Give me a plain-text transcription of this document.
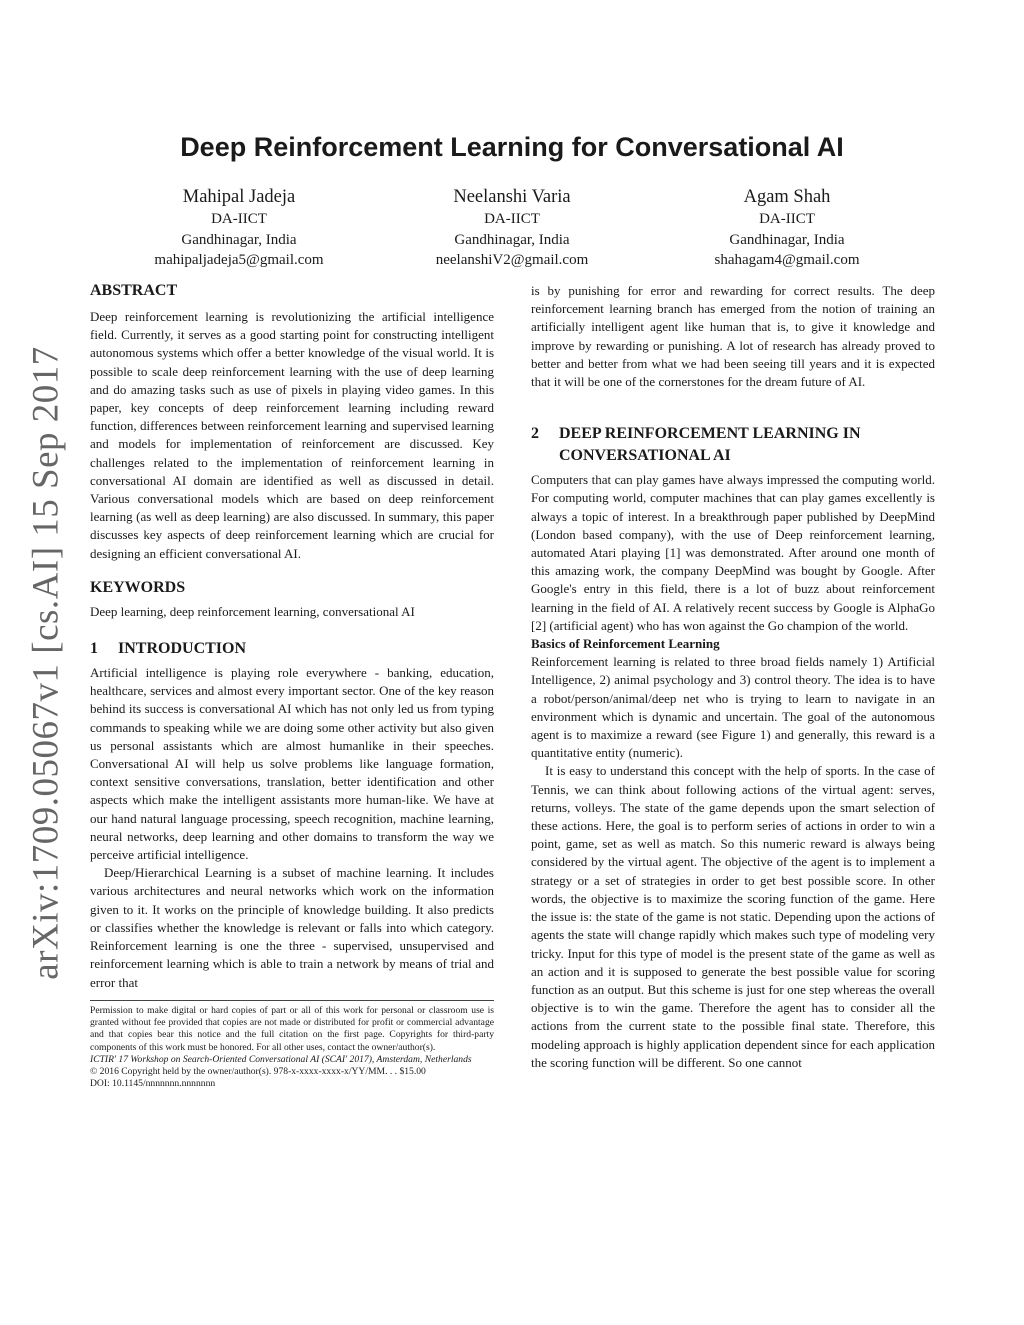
arXiv:1709.05067v1 [cs.AI] 15 Sep 2017
Deep Reinforcement Learning for Conversational AI
Mahipal Jadeja
DA-IICT
Gandhinagar, India
mahipaljadeja5@gmail.com
Neelanshi Varia
DA-IICT
Gandhinagar, India
neelanshiV2@gmail.com
Agam Shah
DA-IICT
Gandhinagar, India
shahagam4@gmail.com
ABSTRACT

Deep reinforcement learning is revolutionizing the artificial intelligence field. Currently, it serves as a good starting point for constructing intelligent autonomous systems which offer a better knowledge of the visual world. It is possible to scale deep reinforcement learning with the use of deep learning and do amazing tasks such as use of pixels in playing video games. In this paper, key concepts of deep reinforcement learning including reward function, differences between reinforcement learning and supervised learning and models for implementation of reinforcement are discussed. Key challenges related to the implementation of reinforcement learning in conversational AI domain are identified as well as discussed in detail. Various conversational models which are based on deep reinforcement learning (as well as deep learning) are also discussed. In summary, this paper discusses key aspects of deep reinforcement learning which are crucial for designing an efficient conversational AI.

KEYWORDS

Deep learning, deep reinforcement learning, conversational AI

1 INTRODUCTION

Artificial intelligence is playing role everywhere - banking, education, healthcare, services and almost every important sector. One of the key reason behind its success is conversational AI which has not only led us from typing commands to speaking while we are doing some other activity but also given us personal assistants which are almost humanlike in their speeches. Conversational AI will help us solve problems like language formation, context sensitive conversations, translation, better identification and other aspects which make the intelligent assistants more human-like. We have at our hand natural language processing, speech recognition, machine learning, neural networks, deep learning and other domains to transform the way we perceive artificial intelligence.

Deep/Hierarchical Learning is a subset of machine learning. It includes various architectures and neural networks which work on the information given to it. It works on the principle of knowledge building. It also predicts or classifies whether the knowledge is relevant or falls into which category. Reinforcement learning is one the three - supervised, unsupervised and reinforcement learning which is able to train a network by means of trial and error that

Permission to make digital or hard copies of part or all of this work for personal or classroom use is granted without fee provided that copies are not made or distributed for profit or commercial advantage and that copies bear this notice and the full citation on the first page. Copyrights for third-party components of this work must be honored. For all other uses, contact the owner/author(s).

ICTIR' 17 Workshop on Search-Oriented Conversational AI (SCAI' 2017), Amsterdam, Netherlands

© 2016 Copyright held by the owner/author(s). 978-x-xxxx-xxxx-x/YY/MM. . . $15.00

DOI: 10.1145/nnnnnnn.nnnnnnn

is by punishing for error and rewarding for correct results. The deep reinforcement learning branch has emerged from the notion of training an artificially intelligent agent like human that is, to give it knowledge and improve by rewarding or punishing. A lot of research has already proved to better and better from what we had been seeing till years and it is expected that it will be one of the cornerstones for the dream future of AI.

2	DEEP REINFORCEMENT LEARNING IN
CONVERSATIONAL AI

Computers that can play games have always impressed the computing world. For computing world, computer machines that can play games excellently is always a topic of interest. In a breakthrough paper published by DeepMind (London based company), with the use of Deep reinforcement learning, automated Atari playing [1] was demonstrated. After around one month of this amazing work, the company DeepMind was bought by Google. After Google's entry in this field, there is a lot of buzz about reinforcement learning in the field of AI. A relatively recent success by Google is AlphaGo [2] (artificial agent) who has won against the Go champion of the world.

Basics of Reinforcement Learning

Reinforcement learning is related to three broad fields namely 1) Artificial Intelligence, 2) animal psychology and 3) control theory. The idea is to have a robot/person/animal/deep net who is trying to learn to navigate in an environment which is dynamic and uncertain. The goal of the autonomous agent is to maximize a reward (see Figure 1) and generally, this reward is a quantitative entity (numeric).

It is easy to understand this concept with the help of sports. In the case of Tennis, we can think about following actions of the virtual agent: serves, returns, volleys. The state of the game depends upon the smart selection of these actions. Here, the goal is to perform series of actions in order to win a point, game, set as well as match. So this numeric reward is always being considered by the virtual agent. The objective of the agent is to implement a strategy or a set of strategies in order to get best possible score. In other words, the objective is to maximize the scoring function of the game. Here the issue is: the state of the game is not static. Depending upon the actions of agents the state will change rapidly which makes such type of modeling very tricky. Input for this type of model is the present state of the game as well as an action and it is supposed to generate the best possible value for scoring function as an output. But this scheme is just for one step whereas the overall objective is to win the game. Therefore the agent has to consider all the actions from the current state to the possible final state. Therefore, this modeling approach is highly application dependent since for each application the scoring function will be different. So one cannot
